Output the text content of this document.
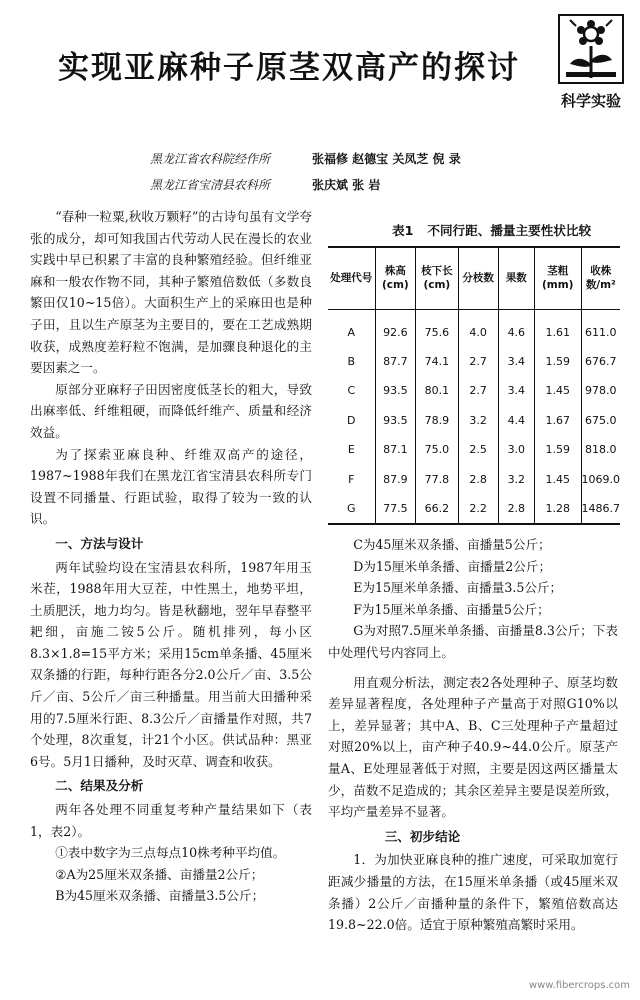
实现亚麻种子原茎双高产的探讨
科学实验
黑龙江省农科院经作所	张福修 赵德宝 关凤芝 倪 录
黑龙江省宝清县农科所	张庆斌 张 岩

“春种一粒粟,秋收万颗籽”的古诗句虽有文学夸张的成分，却可知我国古代劳动人民在漫长的农业实践中早已积累了丰富的良种繁殖经验。但纤维亚麻和一般农作物不同，其种子繁殖倍数低（多数良繁田仅10~15倍）。大面积生产上的采麻田也是种子田，且以生产原茎为主要目的，要在工艺成熟期收获，成熟度差籽粒不饱满，是加骤良种退化的主要因素之一。

原部分亚麻籽子田因密度低茎长的粗大，导致出麻率低、纤维粗硬，而降低纤维产、质量和经济效益。

为了探索亚麻良种、纤维双高产的途径，1987~1988年我们在黑龙江省宝清县农科所专门设置不同播量、行距试验，取得了较为一致的认识。

一、方法与设计

两年试验均设在宝清县农科所，1987年用玉米茬，1988年用大豆茬，中性黑土，地势平坦，土质肥沃，地力均匀。皆是秋翻地，翌年早春整平耙细，亩施二铵5公斤。随机排列，每小区8.3×1.8=15平方米；采用15cm单条播、45厘米双条播的行距，每种行距各分2.0公斤／亩、3.5公斤／亩、5公斤／亩三种播量。用当前大田播种采用的7.5厘米行距、8.3公斤／亩播量作对照，共7个处理，8次重复，计21个小区。供试品种：黑亚6号。5月1日播种，及时灭草、调查和收获。

二、结果及分析

两年各处理不同重复考种产量结果如下（表1，表2）。

①表中数字为三点每点10株考种平均值。

②A为25厘米双条播、亩播量2公斤；

B为45厘米双条播、亩播量3.5公斤；

表1 不同行距、播量主要性状比较
处理代号	株高(cm)	枝下长(cm)	分枝数	果数	茎粗(mm)	收株数/m²
A	92.6	75.6	4.0	4.6	1.61	611.0
B	87.7	74.1	2.7	3.4	1.59	676.7
C	93.5	80.1	2.7	3.4	1.45	978.0
D	93.5	78.9	3.2	4.4	1.67	675.0
E	87.1	75.0	2.5	3.0	1.59	818.0
F	87.9	77.8	2.8	3.2	1.45	1069.0
G	77.5	66.2	2.2	2.8	1.28	1486.7

C为45厘米双条播、亩播量5公斤；

D为15厘米单条播、亩播量2公斤；

E为15厘米单条播、亩播量3.5公斤；

F为15厘米单条播、亩播量5公斤；

G为对照7.5厘米单条播、亩播量8.3公斤；下表中处理代号内容同上。

用直观分析法，测定表2各处理种子、原茎均数差异显著程度，各处理种子产量高于对照G10%以上，差异显著；其中A、B、C三处理种子产量超过对照20%以上，亩产种子40.9~44.0公斤。原茎产量A、E处理显著低于对照，主要是因这两区播量太少，苗数不足造成的；其余区差异主要是误差所致，平均产量差异不显著。

三、初步结论

1．为加快亚麻良种的推广速度，可采取加宽行距减少播量的方法，在15厘米单条播（或45厘米双条播）2公斤／亩播种量的条件下，繁殖倍数高达19.8~22.0倍。适宜于原种繁殖高繁时采用。

www.fibercrops.com
